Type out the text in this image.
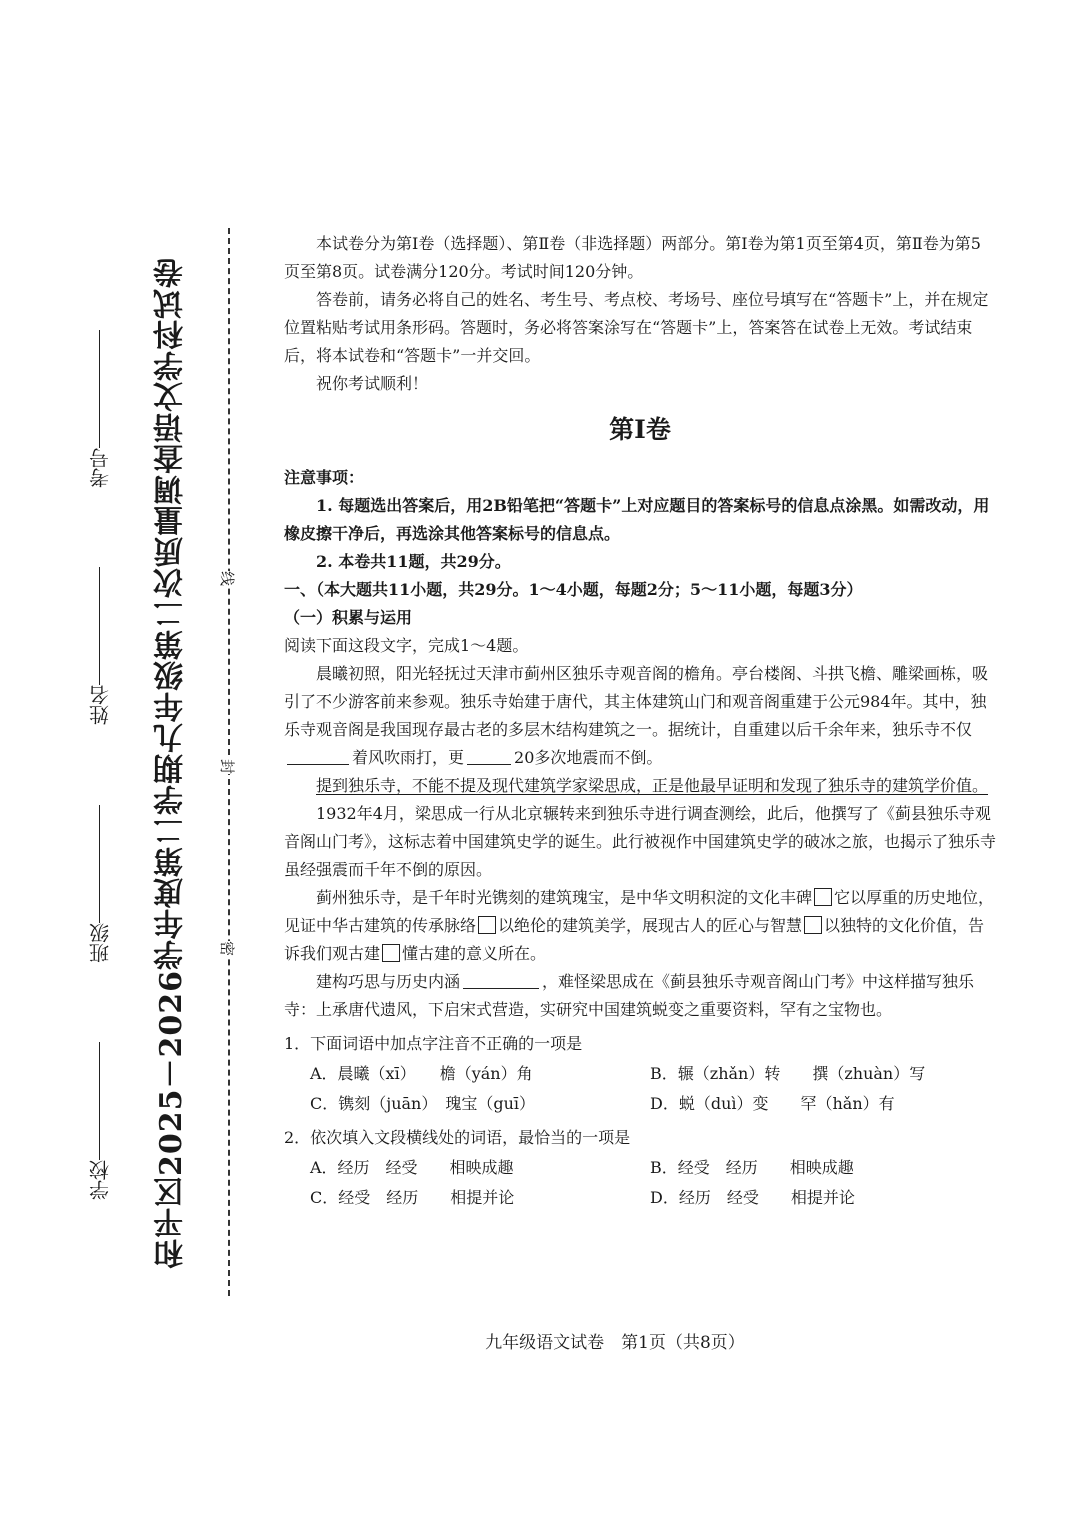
和平区2025－2026学年度第二学期九年级第二次质量调查语文学科试卷
学校
班级
姓名
考号
线
封
密

本试卷分为第Ⅰ卷（选择题）、第Ⅱ卷（非选择题）两部分。第Ⅰ卷为第1页至第4页，第Ⅱ卷为第5页至第8页。试卷满分120分。考试时间120分钟。

答卷前，请务必将自己的姓名、考生号、考点校、考场号、座位号填写在“答题卡”上，并在规定位置粘贴考试用条形码。答题时，务必将答案涂写在“答题卡”上，答案答在试卷上无效。考试结束后，将本试卷和“答题卡”一并交回。

祝你考试顺利！

第Ⅰ卷

注意事项：

1. 每题选出答案后，用2B铅笔把“答题卡”上对应题目的答案标号的信息点涂黑。如需改动，用橡皮擦干净后，再选涂其他答案标号的信息点。

2. 本卷共11题，共29分。

一、（本大题共11小题，共29分。1～4小题，每题2分；5～11小题，每题3分）

（一）积累与运用

阅读下面这段文字，完成1～4题。

晨曦初照，阳光轻抚过天津市蓟州区独乐寺观音阁的檐角。亭台楼阁、斗拱飞檐、雕梁画栋，吸引了不少游客前来参观。独乐寺始建于唐代，其主体建筑山门和观音阁重建于公元984年。其中，独乐寺观音阁是我国现存最古老的多层木结构建筑之一。据统计，自重建以后千余年来，独乐寺不仅着风吹雨打，更	20多次地震而不倒。

提到独乐寺，不能不提及现代建筑学家梁思成，正是他最早证明和发现了独乐寺的建筑学价值。

1932年4月，梁思成一行从北京辗转来到独乐寺进行调查测绘，此后，他撰写了《蓟县独乐寺观音阁山门考》，这标志着中国建筑史学的诞生。此行被视作中国建筑史学的破冰之旅，也揭示了独乐寺虽经强震而千年不倒的原因。

蓟州独乐寺，是千年时光镌刻的建筑瑰宝，是中华文明积淀的文化丰碑 它以厚重的历史地位，见证中华古建筑的传承脉络 以绝伦的建筑美学，展现古人的匠心与智慧 以独特的文化价值，告诉我们观古建 懂古建的意义所在。

建构巧思与历史内涵	，难怪梁思成在《蓟县独乐寺观音阁山门考》中这样描写独乐寺：上承唐代遗风，下启宋式营造，实研究中国建筑蜕变之重要资料，罕有之宝物也。

1．下面词语中加点字注音不正确的一项是

A．晨曦（xī）　　檐（yán）角	B．辗（zhǎn）转　　撰（zhuàn）写
C．镌刻（juān）　瑰宝（guī）	D．蜕（duì）变　　罕（hǎn）有

2．依次填入文段横线处的词语，最恰当的一项是

A．经历　经受　　相映成趣	B．经受　经历　　相映成趣
C．经受　经历　　相提并论	D．经历　经受　　相提并论
九年级语文试卷　第1页（共8页）
